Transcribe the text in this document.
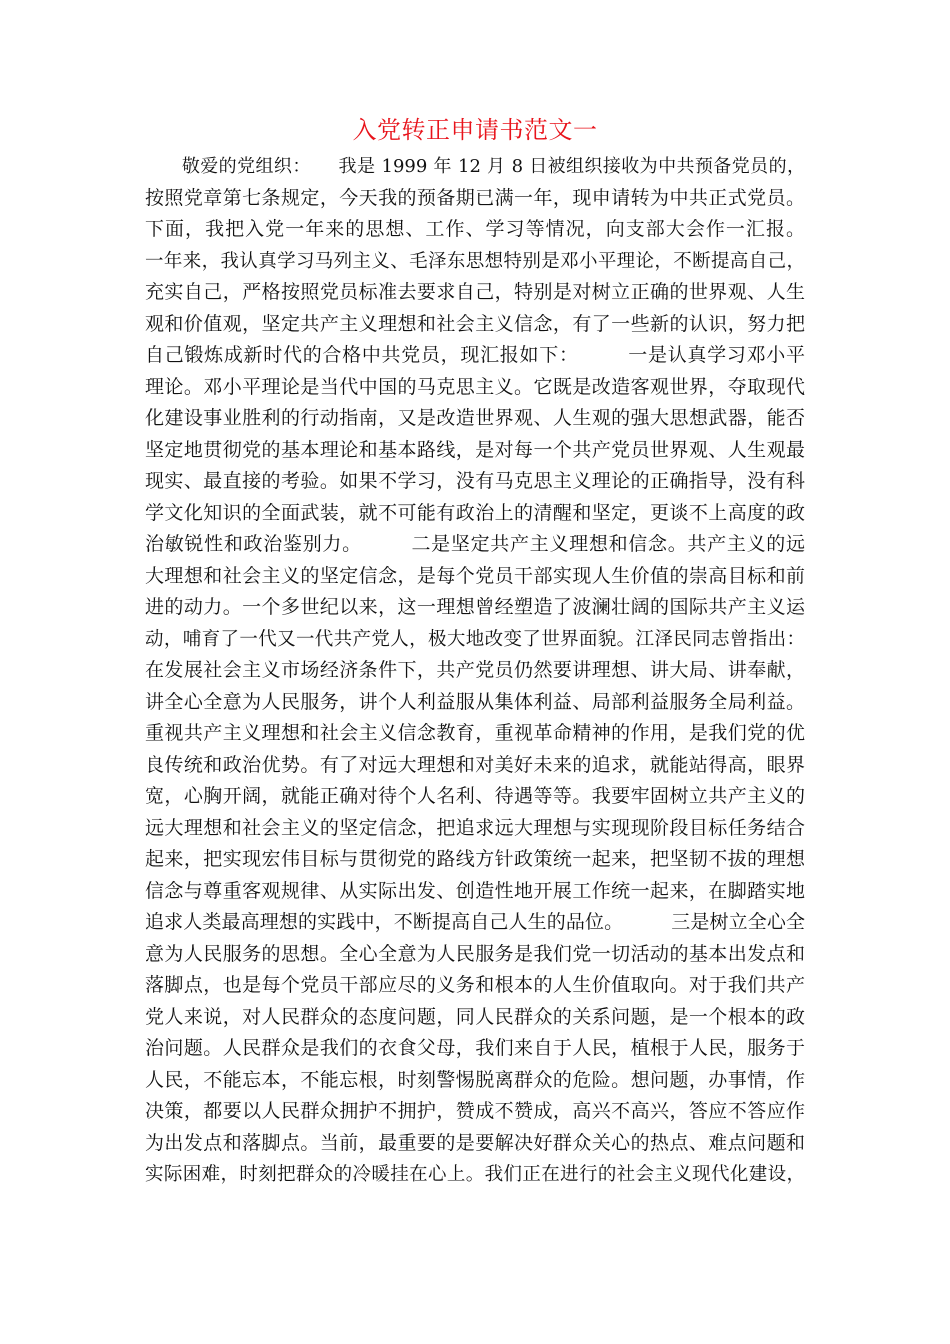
入党转正申请书范文一
　　敬爱的党组织：　　我是 1999 年 12 月 8 日被组织接收为中共预备党员的，
按照党章第七条规定，今天我的预备期已满一年，现申请转为中共正式党员。
下面，我把入党一年来的思想、工作、学习等情况，向支部大会作一汇报。
一年来，我认真学习马列主义、毛泽东思想特别是邓小平理论，不断提高自己，
充实自己，严格按照党员标准去要求自己，特别是对树立正确的世界观、人生
观和价值观，坚定共产主义理想和社会主义信念，有了一些新的认识，努力把
自己锻炼成新时代的合格中共党员，现汇报如下：　　　一是认真学习邓小平
理论。邓小平理论是当代中国的马克思主义。它既是改造客观世界，夺取现代
化建设事业胜利的行动指南，又是改造世界观、人生观的强大思想武器，能否
坚定地贯彻党的基本理论和基本路线，是对每一个共产党员世界观、人生观最
现实、最直接的考验。如果不学习，没有马克思主义理论的正确指导，没有科
学文化知识的全面武装，就不可能有政治上的清醒和坚定，更谈不上高度的政
治敏锐性和政治鉴别力。　　　二是坚定共产主义理想和信念。共产主义的远
大理想和社会主义的坚定信念，是每个党员干部实现人生价值的崇高目标和前
进的动力。一个多世纪以来，这一理想曾经塑造了波澜壮阔的国际共产主义运
动，哺育了一代又一代共产党人，极大地改变了世界面貌。江泽民同志曾指出：
在发展社会主义市场经济条件下，共产党员仍然要讲理想、讲大局、讲奉献，
讲全心全意为人民服务，讲个人利益服从集体利益、局部利益服务全局利益。
重视共产主义理想和社会主义信念教育，重视革命精神的作用，是我们党的优
良传统和政治优势。有了对远大理想和对美好未来的追求，就能站得高，眼界
宽，心胸开阔，就能正确对待个人名利、待遇等等。我要牢固树立共产主义的
远大理想和社会主义的坚定信念，把追求远大理想与实现现阶段目标任务结合
起来，把实现宏伟目标与贯彻党的路线方针政策统一起来，把坚韧不拔的理想
信念与尊重客观规律、从实际出发、创造性地开展工作统一起来，在脚踏实地
追求人类最高理想的实践中，不断提高自己人生的品位。　　　三是树立全心全
意为人民服务的思想。全心全意为人民服务是我们党一切活动的基本出发点和
落脚点，也是每个党员干部应尽的义务和根本的人生价值取向。对于我们共产
党人来说，对人民群众的态度问题，同人民群众的关系问题，是一个根本的政
治问题。人民群众是我们的衣食父母，我们来自于人民，植根于人民，服务于
人民，不能忘本，不能忘根，时刻警惕脱离群众的危险。想问题，办事情，作
决策，都要以人民群众拥护不拥护，赞成不赞成，高兴不高兴，答应不答应作
为出发点和落脚点。当前，最重要的是要解决好群众关心的热点、难点问题和
实际困难，时刻把群众的冷暖挂在心上。我们正在进行的社会主义现代化建设，
